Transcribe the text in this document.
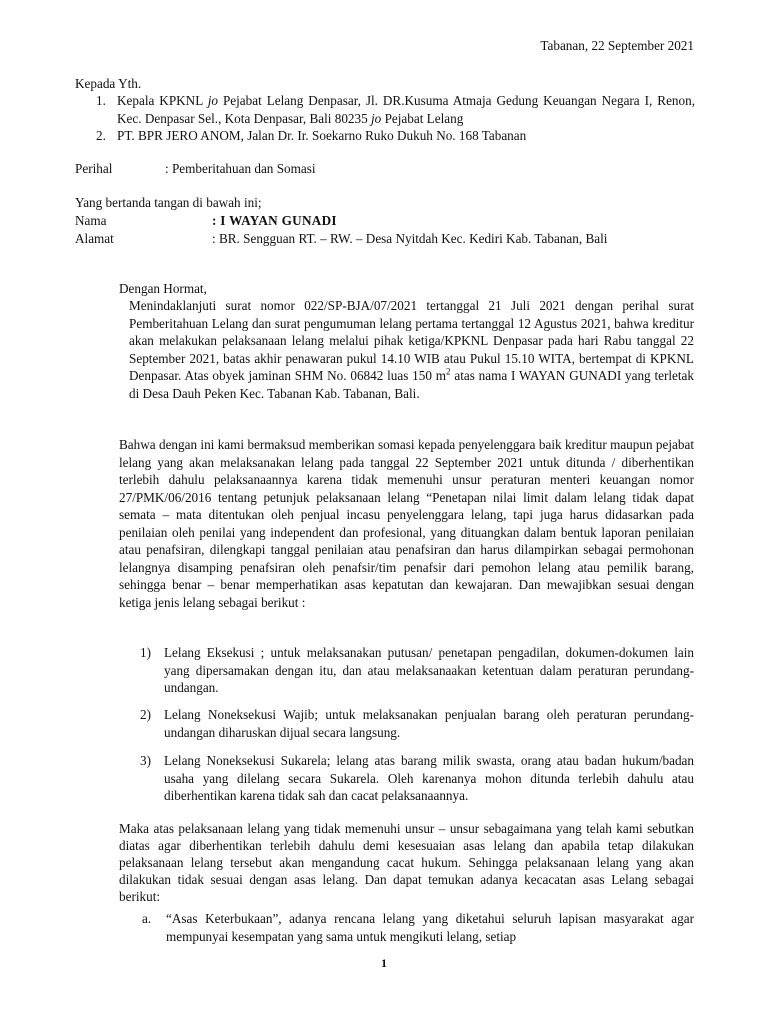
Tabanan, 22 September 2021
Kepada Yth.
1. Kepala KPKNL jo Pejabat Lelang Denpasar, Jl. DR.Kusuma Atmaja Gedung Keuangan Negara I, Renon, Kec. Denpasar Sel., Kota Denpasar, Bali 80235 jo Pejabat Lelang
2. PT. BPR JERO ANOM, Jalan Dr. Ir. Soekarno Ruko Dukuh No. 168 Tabanan
Perihal	: Pemberitahuan dan Somasi
Yang bertanda tangan di bawah ini;
Nama	: I WAYAN GUNADI
Alamat	: BR. Sengguan RT. – RW. – Desa Nyitdah Kec. Kediri Kab. Tabanan, Bali
Dengan Hormat,
Menindaklanjuti surat nomor 022/SP-BJA/07/2021 tertanggal 21 Juli 2021 dengan perihal surat Pemberitahuan Lelang dan surat pengumuman lelang pertama tertanggal 12 Agustus 2021, bahwa kreditur akan melakukan pelaksanaan lelang melalui pihak ketiga/KPKNL Denpasar pada hari Rabu tanggal 22 September 2021, batas akhir penawaran pukul 14.10 WIB atau Pukul 15.10 WITA, bertempat di KPKNL Denpasar. Atas obyek jaminan SHM No. 06842 luas 150 $m^2$ atas nama I WAYAN GUNADI yang terletak di Desa Dauh Peken Kec. Tabanan Kab. Tabanan, Bali.
Bahwa dengan ini kami bermaksud memberikan somasi kepada penyelenggara baik kreditur maupun pejabat lelang yang akan melaksanakan lelang pada tanggal 22 September 2021 untuk ditunda / diberhentikan terlebih dahulu pelaksanaannya karena tidak memenuhi unsur peraturan menteri keuangan nomor 27/PMK/06/2016 tentang petunjuk pelaksanaan lelang “Penetapan nilai limit dalam lelang tidak dapat semata – mata ditentukan oleh penjual incasu penyelenggara lelang, tapi juga harus didasarkan pada penilaian oleh penilai yang independent dan profesional, yang dituangkan dalam bentuk laporan penilaian atau penafsiran, dilengkapi tanggal penilaian atau penafsiran dan harus dilampirkan sebagai permohonan lelangnya disamping penafsiran oleh penafsir/tim penafsir dari pemohon lelang atau pemilik barang, sehingga benar – benar memperhatikan asas kepatutan dan kewajaran. Dan mewajibkan sesuai dengan ketiga jenis lelang sebagai berikut :
1) Lelang Eksekusi ; untuk melaksanakan putusan/ penetapan pengadilan, dokumen-dokumen lain yang dipersamakan dengan itu, dan atau melaksanaakan ketentuan dalam peraturan perundang-undangan.
2) Lelang Noneksekusi Wajib; untuk melaksanakan penjualan barang oleh peraturan perundang-undangan diharuskan dijual secara langsung.
3) Lelang Noneksekusi Sukarela; lelang atas barang milik swasta, orang atau badan hukum/badan usaha yang dilelang secara Sukarela. Oleh karenanya mohon ditunda terlebih dahulu atau diberhentikan karena tidak sah dan cacat pelaksanaannya.
Maka atas pelaksanaan lelang yang tidak memenuhi unsur – unsur sebagaimana yang telah kami sebutkan diatas agar diberhentikan terlebih dahulu demi kesesuaian asas lelang dan apabila tetap dilakukan pelaksanaan lelang tersebut akan mengandung cacat hukum. Sehingga pelaksanaan lelang yang akan dilakukan tidak sesuai dengan asas lelang. Dan dapat temukan adanya kecacatan asas Lelang sebagai berikut:
a.	“Asas Keterbukaan”, adanya rencana lelang yang diketahui seluruh lapisan masyarakat agar mempunyai kesempatan yang sama untuk mengikuti lelang, setiap
1
